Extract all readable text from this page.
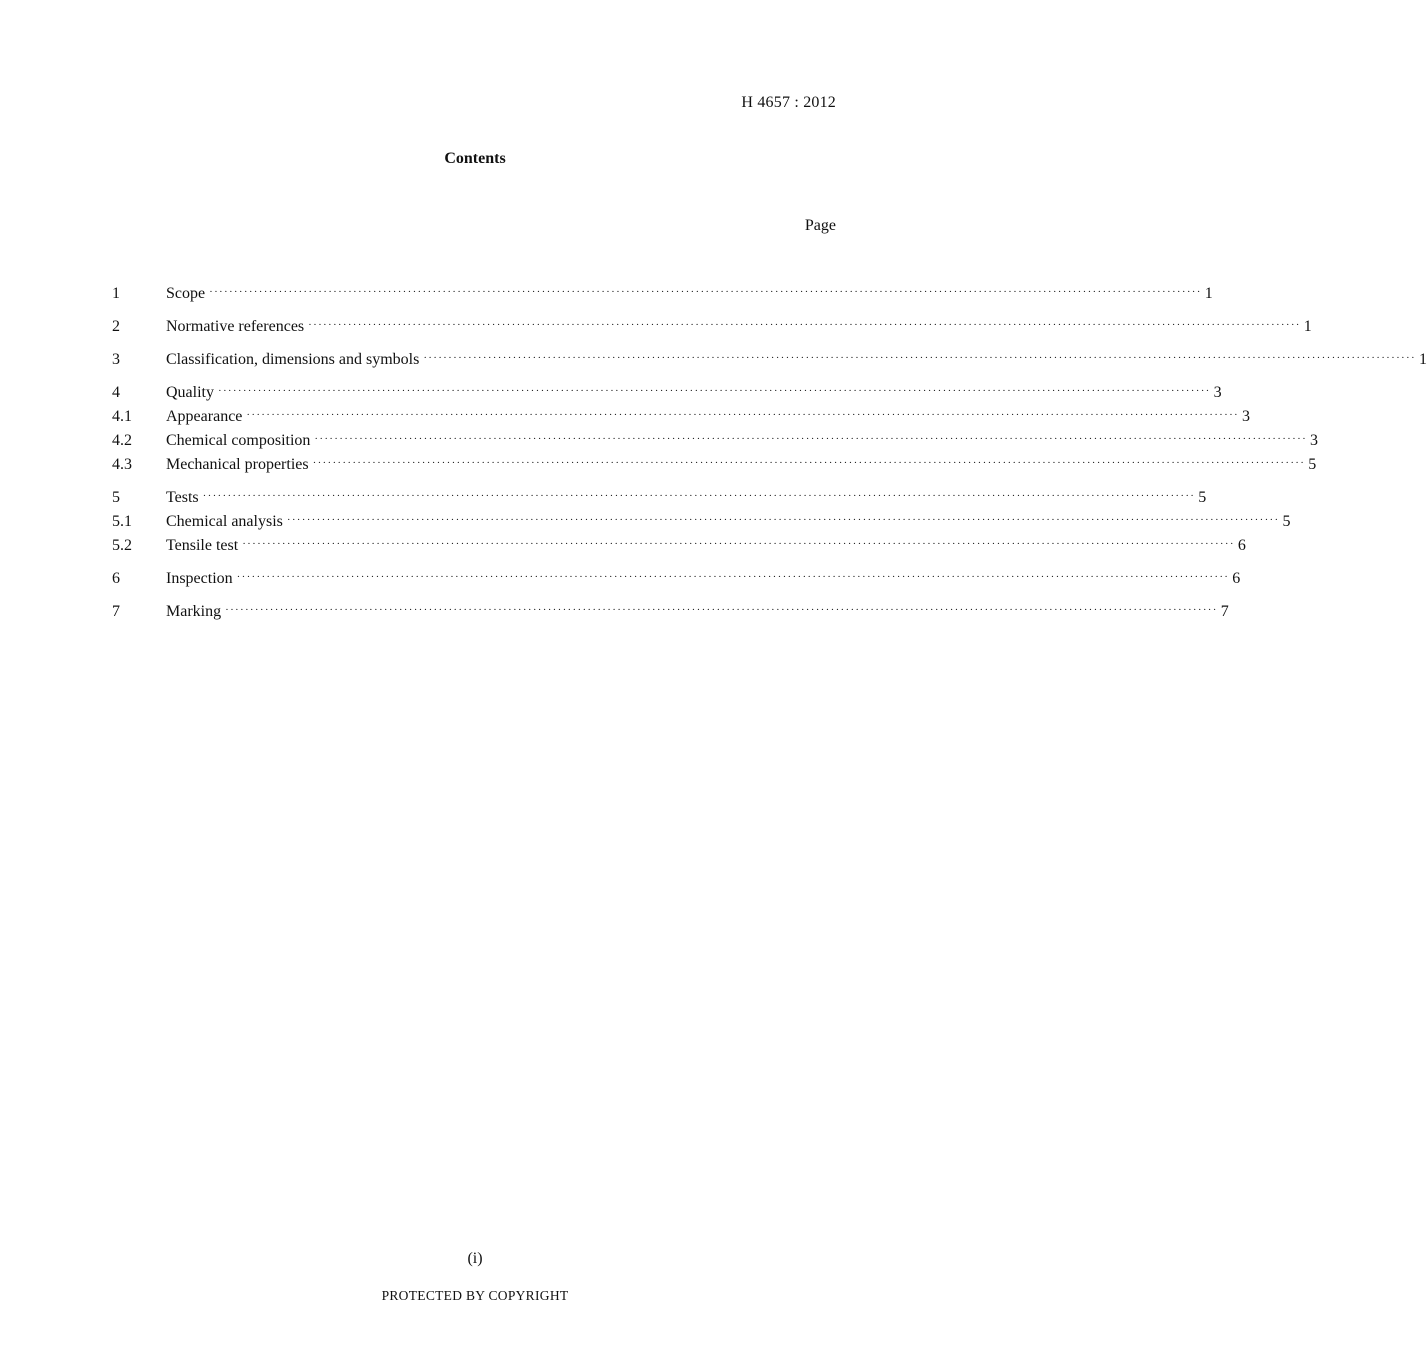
H 4657 : 2012
Contents
Page
1	Scope ········································································································································································································ 1
2	Normative references ········································································································································································································ 1
3	Classification, dimensions and symbols ········································································································································································································ 1
4	Quality ········································································································································································································ 3
4.1	Appearance ········································································································································································································ 3
4.2	Chemical composition ········································································································································································································ 3
4.3	Mechanical properties ········································································································································································································ 5
5	Tests ········································································································································································································ 5
5.1	Chemical analysis ········································································································································································································ 5
5.2	Tensile test ········································································································································································································ 6
6	Inspection ········································································································································································································ 6
7	Marking ········································································································································································································ 7
(i)
PROTECTED BY COPYRIGHT
